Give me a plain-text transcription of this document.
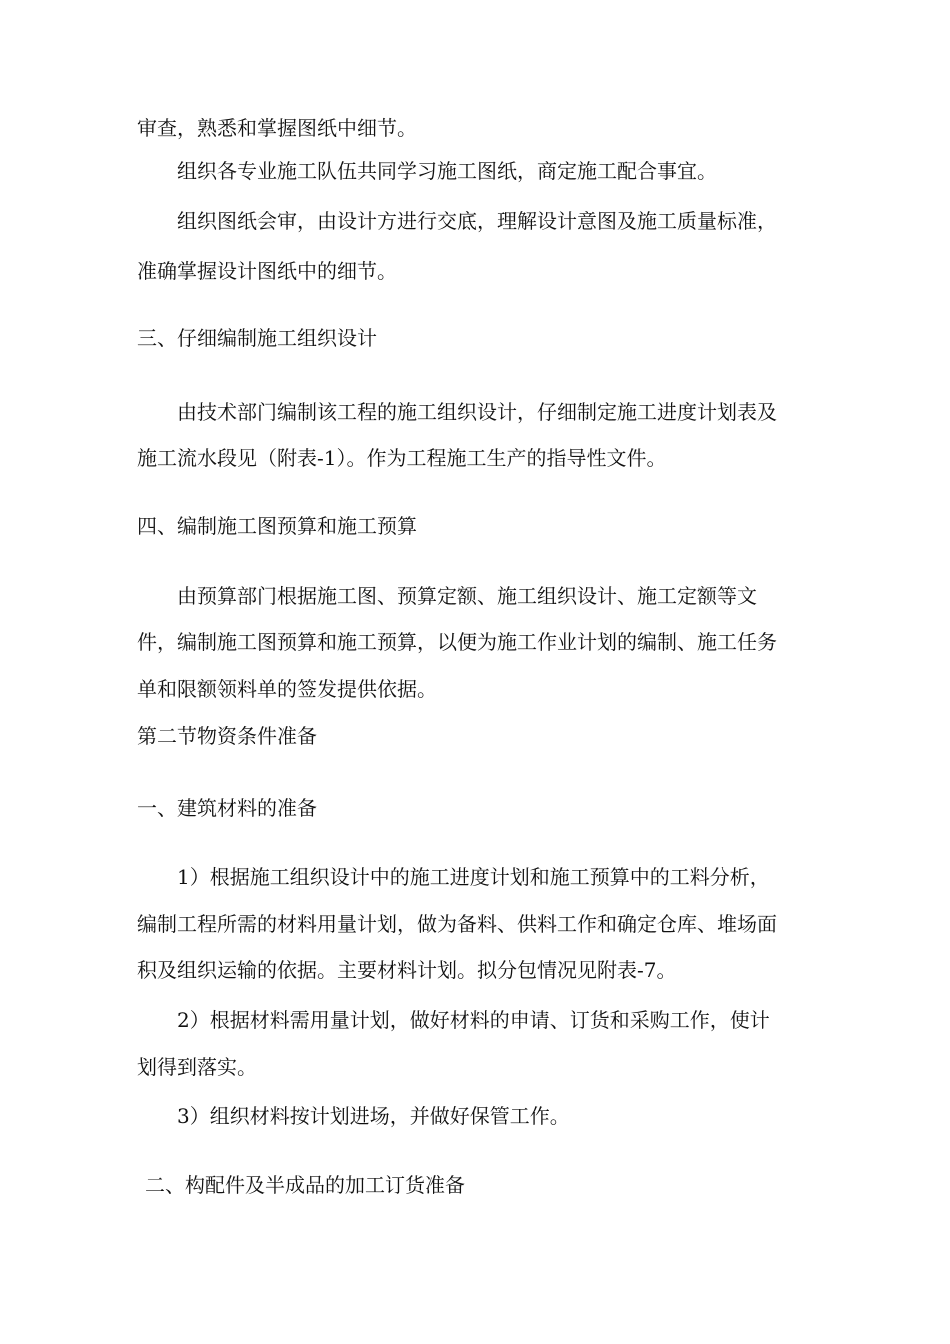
审查，熟悉和掌握图纸中细节。

组织各专业施工队伍共同学习施工图纸，商定施工配合事宜。

组织图纸会审，由设计方进行交底，理解设计意图及施工质量标准，

准确掌握设计图纸中的细节。

三、仔细编制施工组织设计

由技术部门编制该工程的施工组织设计，仔细制定施工进度计划表及

施工流水段见（附表-1）。作为工程施工生产的指导性文件。

四、编制施工图预算和施工预算

由预算部门根据施工图、预算定额、施工组织设计、施工定额等文

件，编制施工图预算和施工预算，以便为施工作业计划的编制、施工任务

单和限额领料单的签发提供依据。

第二节物资条件准备

一、建筑材料的准备

1）根据施工组织设计中的施工进度计划和施工预算中的工料分析，

编制工程所需的材料用量计划，做为备料、供料工作和确定仓库、堆场面

积及组织运输的依据。主要材料计划。拟分包情况见附表-7。

2）根据材料需用量计划，做好材料的申请、订货和采购工作，使计

划得到落实。

3）组织材料按计划进场，并做好保管工作。

二、构配件及半成品的加工订货准备
